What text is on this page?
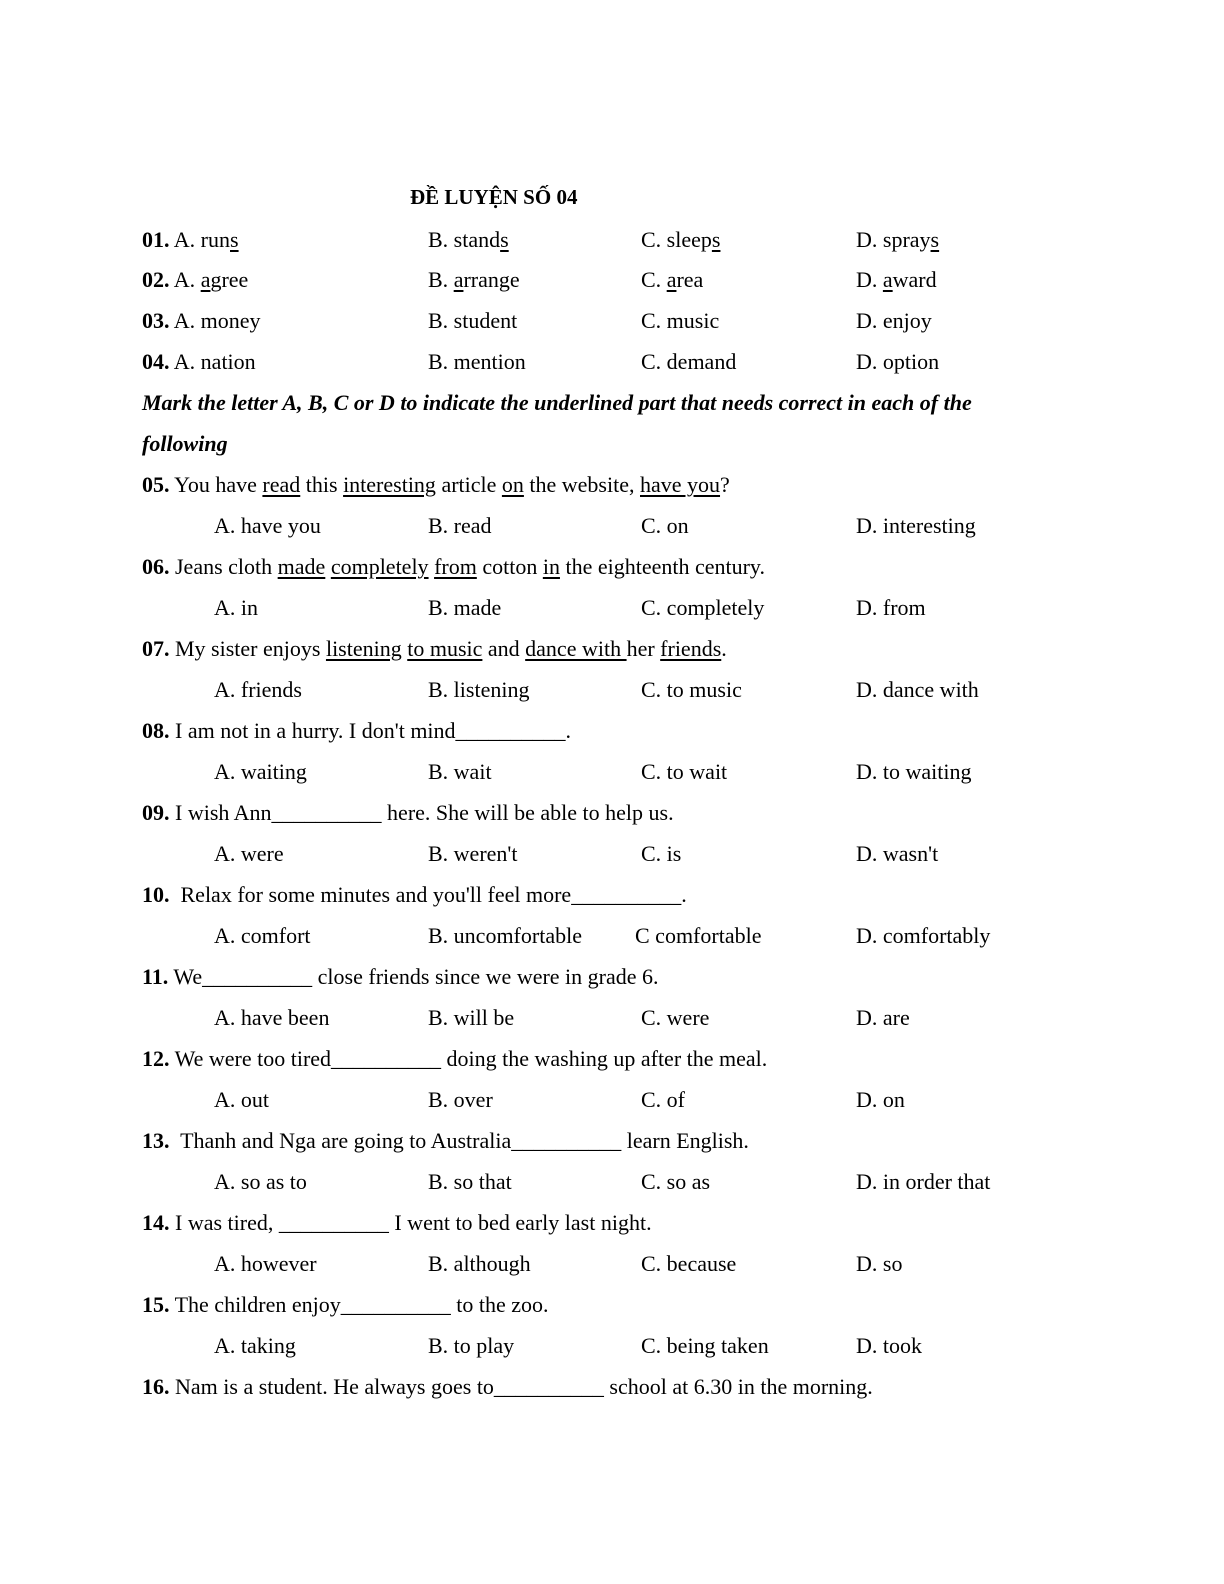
ĐỀ LUYỆN SỐ 04
01. A. runs	B. stands	C. sleeps	D. sprays
02. A. agree	B. arrange	C. area	D. award
03. A. money	B. student	C. music	D. enjoy
04. A. nation	B. mention	C. demand	D. option
Mark the letter A, B, C or D to indicate the underlined part that needs correct in each of the
following
05. You have read this interesting article on the website, have you?
A. have you	B. read	C. on	D. interesting
06. Jeans cloth made completely from cotton in the eighteenth century.
A. in	B. made	C. completely	D. from
07. My sister enjoys listening to music and dance with her friends.
A. friends	B. listening	C. to music	D. dance with
08. I am not in a hurry. I don't mind__________.
A. waiting	B. wait	C. to wait	D. to waiting
09. I wish Ann__________ here. She will be able to help us.
A. were	B. weren't	C. is	D. wasn't
10.  Relax for some minutes and you'll feel more__________.
A. comfort	B. uncomfortable C comfortable	D. comfortably
11. We__________ close friends since we were in grade 6.
A. have been	B. will be	C. were	D. are
12. We were too tired__________ doing the washing up after the meal.
A. out	B. over	C. of	D. on
13.  Thanh and Nga are going to Australia__________ learn English.
A. so as to	B. so that	C. so as	D. in order that
14. I was tired, __________ I went to bed early last night.
A. however	B. although	C. because	D. so
15. The children enjoy__________ to the zoo.
A. taking	B. to play	C. being taken	D. took
16. Nam is a student. He always goes to__________ school at 6.30 in the morning.
